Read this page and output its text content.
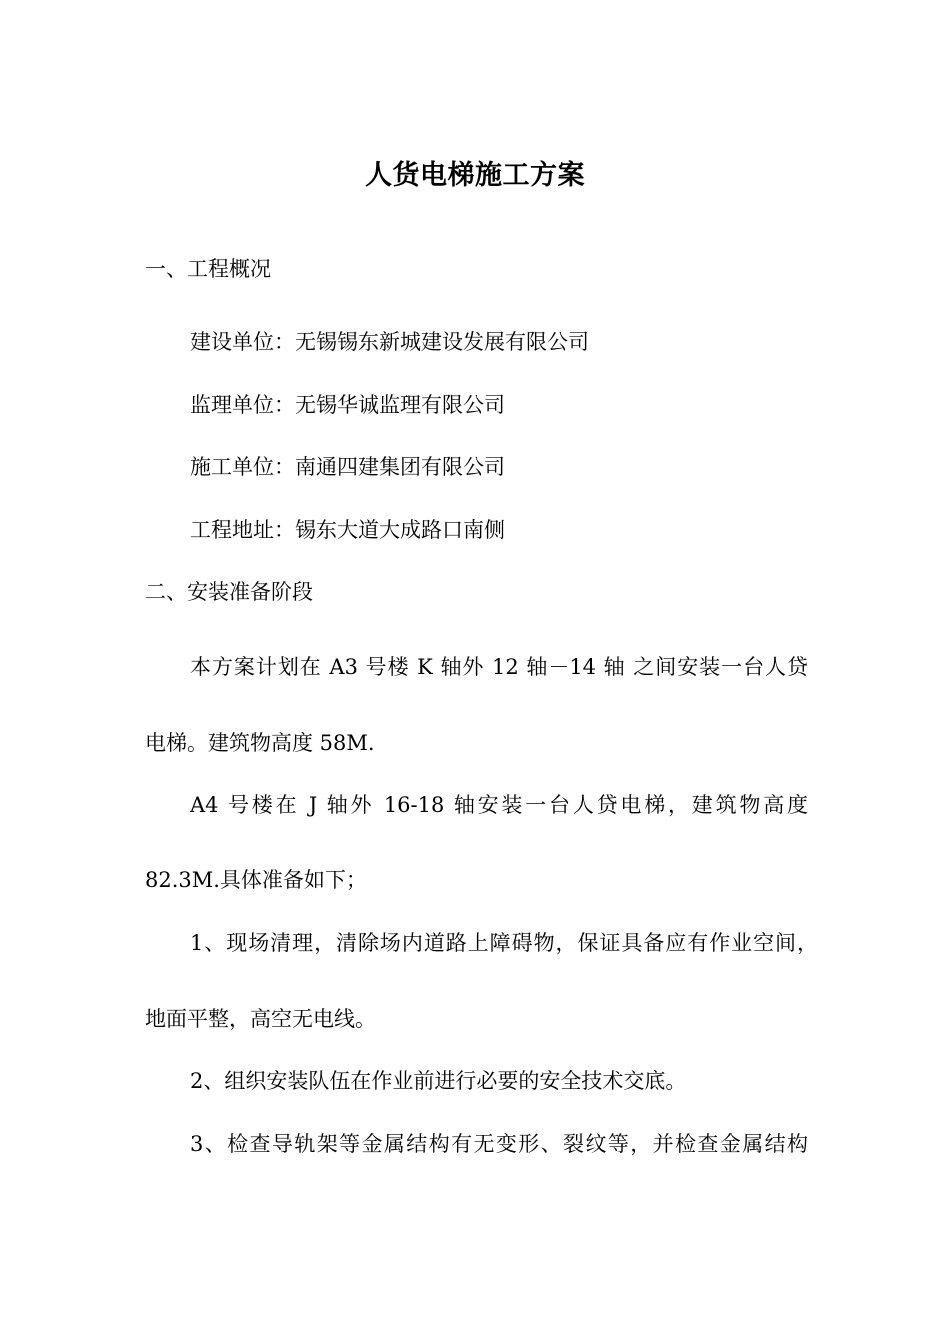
人货电梯施工方案
一、工程概况
建设单位：无锡锡东新城建设发展有限公司
监理单位：无锡华诚监理有限公司
施工单位：南通四建集团有限公司
工程地址：锡东大道大成路口南侧
二、安装准备阶段
本方案计划在 A3 号楼 K 轴外 12 轴－14 轴 之间安装一台人贷
电梯。建筑物高度 58M.
A4 号楼在 J 轴外 16-18 轴安装一台人贷电梯，建筑物高度
82.3M.具体准备如下；
1、现场清理，清除场内道路上障碍物，保证具备应有作业空间，
地面平整，高空无电线。
2、组织安装队伍在作业前进行必要的安全技术交底。
3、检查导轨架等金属结构有无变形、裂纹等，并检查金属结构
